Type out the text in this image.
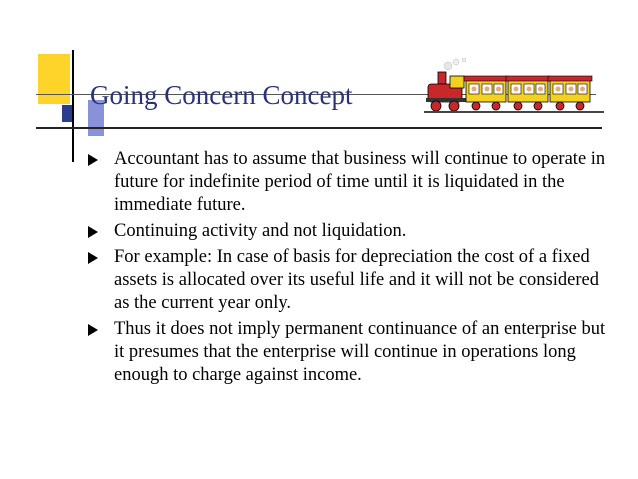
Going Concern Concept
Accountant has to assume that business will continue to operate in future for indefinite period of time until it is liquidated in the immediate future.
Continuing activity and not liquidation.
For example: In case of basis for depreciation the cost of a fixed assets is allocated over its useful life and it will not be considered as the current year only.
Thus it does not imply permanent continuance of an enterprise but it presumes that the enterprise will continue in operations long enough to charge against income.
